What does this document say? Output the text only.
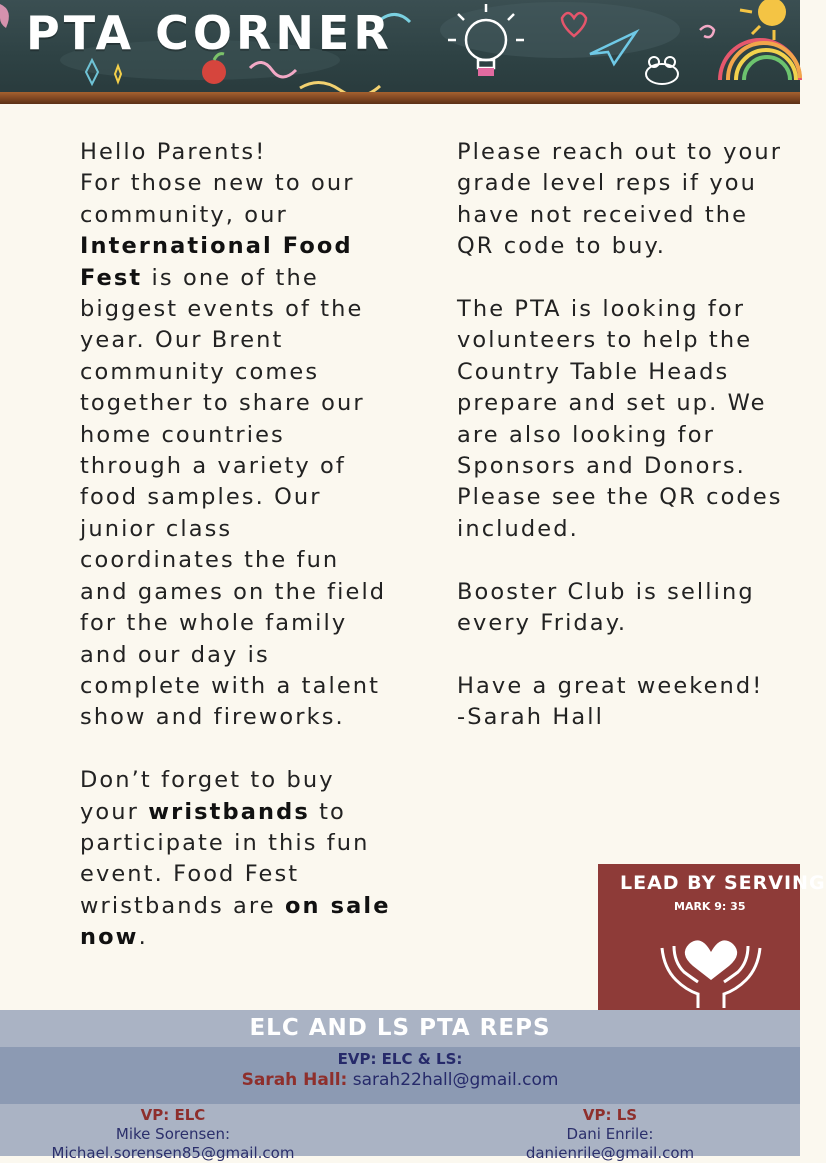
PTA CORNER

Hello Parents!
For those new to our community, our International Food Fest is one of the biggest events of the year. Our Brent community comes together to share our home countries through a variety of food samples. Our junior class coordinates the fun and games on the field for the whole family and our day is complete with a talent show and fireworks.

Don’t forget to buy your wristbands to participate in this fun event. Food Fest wristbands are on sale now.

Please reach out to your grade level reps if you have not received the QR code to buy.

The PTA is looking for volunteers to help the Country Table Heads prepare and set up. We are also looking for Sponsors and Donors. Please see the QR codes included.

Booster Club is selling every Friday.

Have a great weekend!
-Sarah Hall

LEAD BY SERVING
MARK 9: 35
ELC AND LS PTA REPS
EVP: ELC & LS:
Sarah Hall: sarah22hall@gmail.com
VP: ELC
Mike Sorensen:
Michael.sorensen85@gmail.com
VP: LS
Dani Enrile:
danienrile@gmail.com
